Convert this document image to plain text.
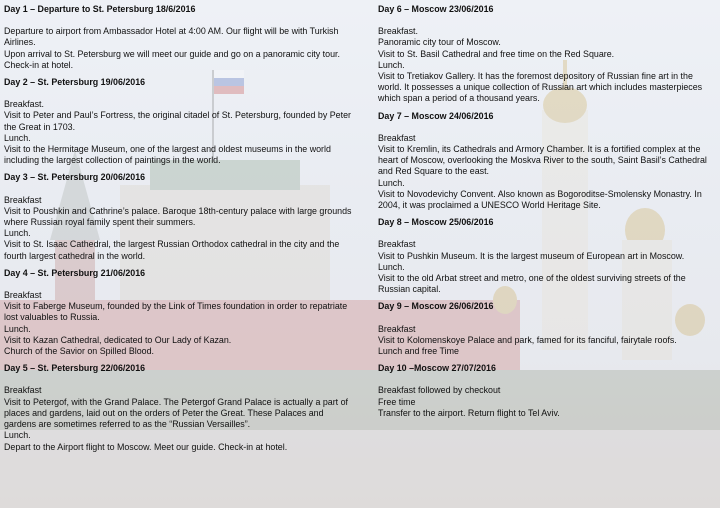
Day 1 – Departure to St. Petersburg 18/6/2016
Departure to airport from Ambassador Hotel at 4:00 AM. Our flight will be with Turkish Airlines.
Upon arrival to St. Petersburg we will meet our guide and go on a panoramic city tour.
Check-in at hotel.
Day 2 – St. Petersburg 19/06/2016
Breakfast.
Visit to Peter and Paul’s Fortress, the original citadel of St. Petersburg, founded by Peter the Great in 1703.
Lunch.
Visit to the Hermitage Museum, one of the largest and oldest museums in the world including the largest collection of paintings in the world.
Day 3 – St. Petersburg 20/06/2016
Breakfast
Visit to Poushkin and Cathrine’s palace. Baroque 18th-century palace with large grounds where Russian royal family spent their summers.
Lunch.
Visit to St. Isaac Cathedral, the largest Russian Orthodox cathedral in the city and the fourth largest cathedral in the world.
Day 4 – St. Petersburg 21/06/2016
Breakfast
Visit to Faberge Museum, founded by the Link of Times foundation in order to repatriate lost valuables to Russia.
Lunch.
Visit to Kazan Cathedral, dedicated to Our Lady of Kazan.
Church of the Savior on Spilled Blood.
Day 5 – St. Petersburg 22/06/2016
Breakfast
Visit to Petergof, with the Grand Palace. The Petergof Grand Palace is actually a part of places and gardens, laid out on the orders of Peter the Great. These Palaces and gardens are sometimes referred to as the “Russian Versailles”.
Lunch.
Depart to the Airport flight to Moscow. Meet our guide. Check-in at hotel.
Day 6 – Moscow 23/06/2016
Breakfast.
Panoramic city tour of Moscow.
Visit to St. Basil Cathedral and free time on the Red Square.
Lunch.
Visit to Tretiakov Gallery. It has the foremost depository of Russian fine art in the world. It possesses a unique collection of Russian art which includes masterpieces which span a period of a thousand years.
Day 7 – Moscow 24/06/2016
Breakfast
Visit to Kremlin, its Cathedrals and Armory Chamber. It is a fortified complex at the heart of Moscow, overlooking the Moskva River to the south, Saint Basil’s Cathedral and Red Square to the east.
Lunch.
Visit to Novodevichy Convent. Also known as Bogoroditse-Smolensky Monastry. In 2004, it was proclaimed a UNESCO World Heritage Site.
Day 8 – Moscow 25/06/2016
Breakfast
Visit to Pushkin Museum. It is the largest museum of European art in Moscow.
Lunch.
Visit to the old Arbat street and metro, one of the oldest surviving streets of the Russian capital.
Day 9 – Moscow 26/06/2016
Breakfast
Visit to Kolomenskoye Palace and park, famed for its fanciful, fairytale roofs.
Lunch and free Time
Day 10 –Moscow 27/07/2016
Breakfast followed by checkout
Free time
Transfer to the airport. Return flight to Tel Aviv.
